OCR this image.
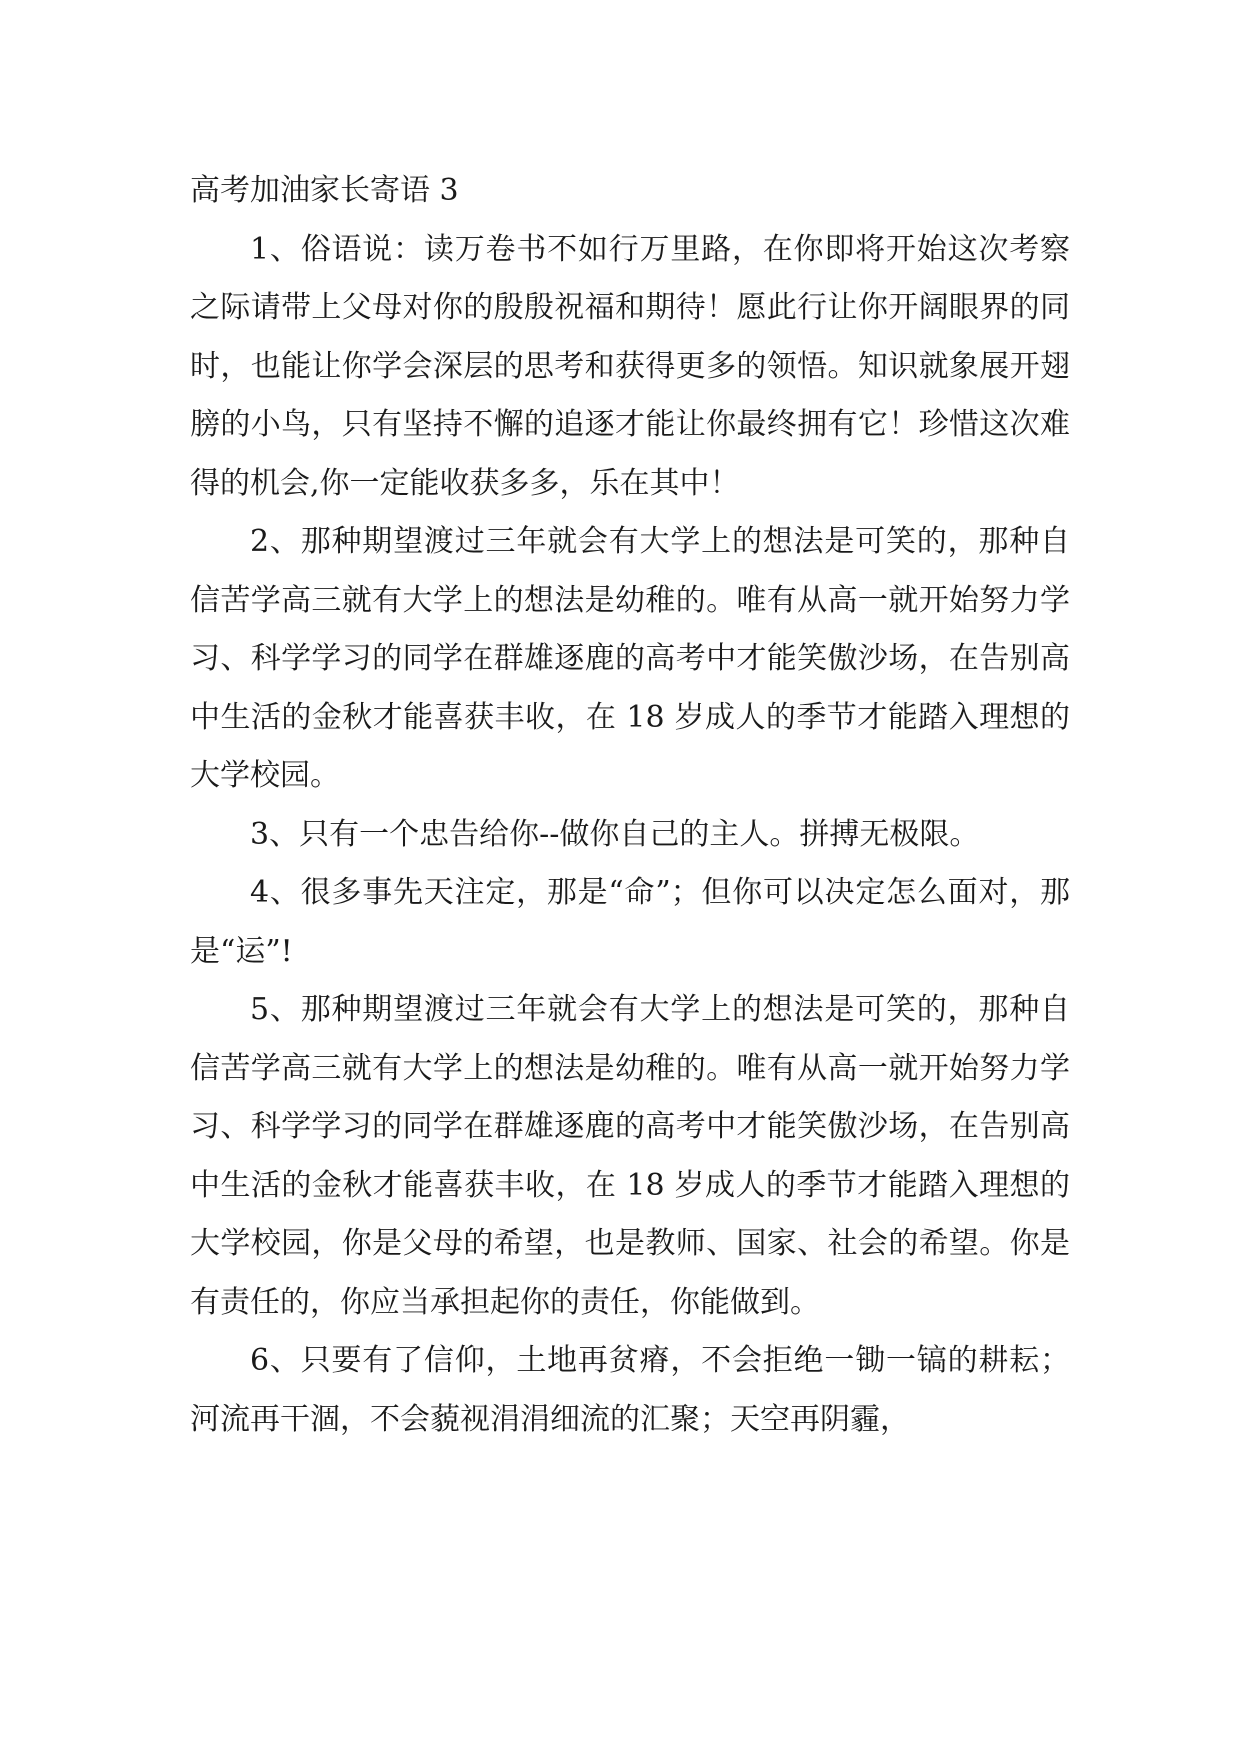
高考加油家长寄语 3

1、俗语说：读万卷书不如行万里路，在你即将开始这次考察之际请带上父母对你的殷殷祝福和期待！愿此行让你开阔眼界的同时，也能让你学会深层的思考和获得更多的领悟。知识就象展开翅膀的小鸟，只有坚持不懈的追逐才能让你最终拥有它！珍惜这次难得的机会,你一定能收获多多，乐在其中！

2、那种期望渡过三年就会有大学上的想法是可笑的，那种自信苦学高三就有大学上的想法是幼稚的。唯有从高一就开始努力学习、科学学习的同学在群雄逐鹿的高考中才能笑傲沙场，在告别高中生活的金秋才能喜获丰收，在 18 岁成人的季节才能踏入理想的大学校园。

3、只有一个忠告给你--做你自己的主人。拼搏无极限。

4、很多事先天注定，那是“命”；但你可以决定怎么面对，那是“运”!

5、那种期望渡过三年就会有大学上的想法是可笑的，那种自信苦学高三就有大学上的想法是幼稚的。唯有从高一就开始努力学习、科学学习的同学在群雄逐鹿的高考中才能笑傲沙场，在告别高中生活的金秋才能喜获丰收，在 18 岁成人的季节才能踏入理想的大学校园，你是父母的希望，也是教师、国家、社会的希望。你是有责任的，你应当承担起你的责任，你能做到。

6、只要有了信仰，土地再贫瘠，不会拒绝一锄一镐的耕耘；河流再干涸，不会藐视涓涓细流的汇聚；天空再阴霾，
